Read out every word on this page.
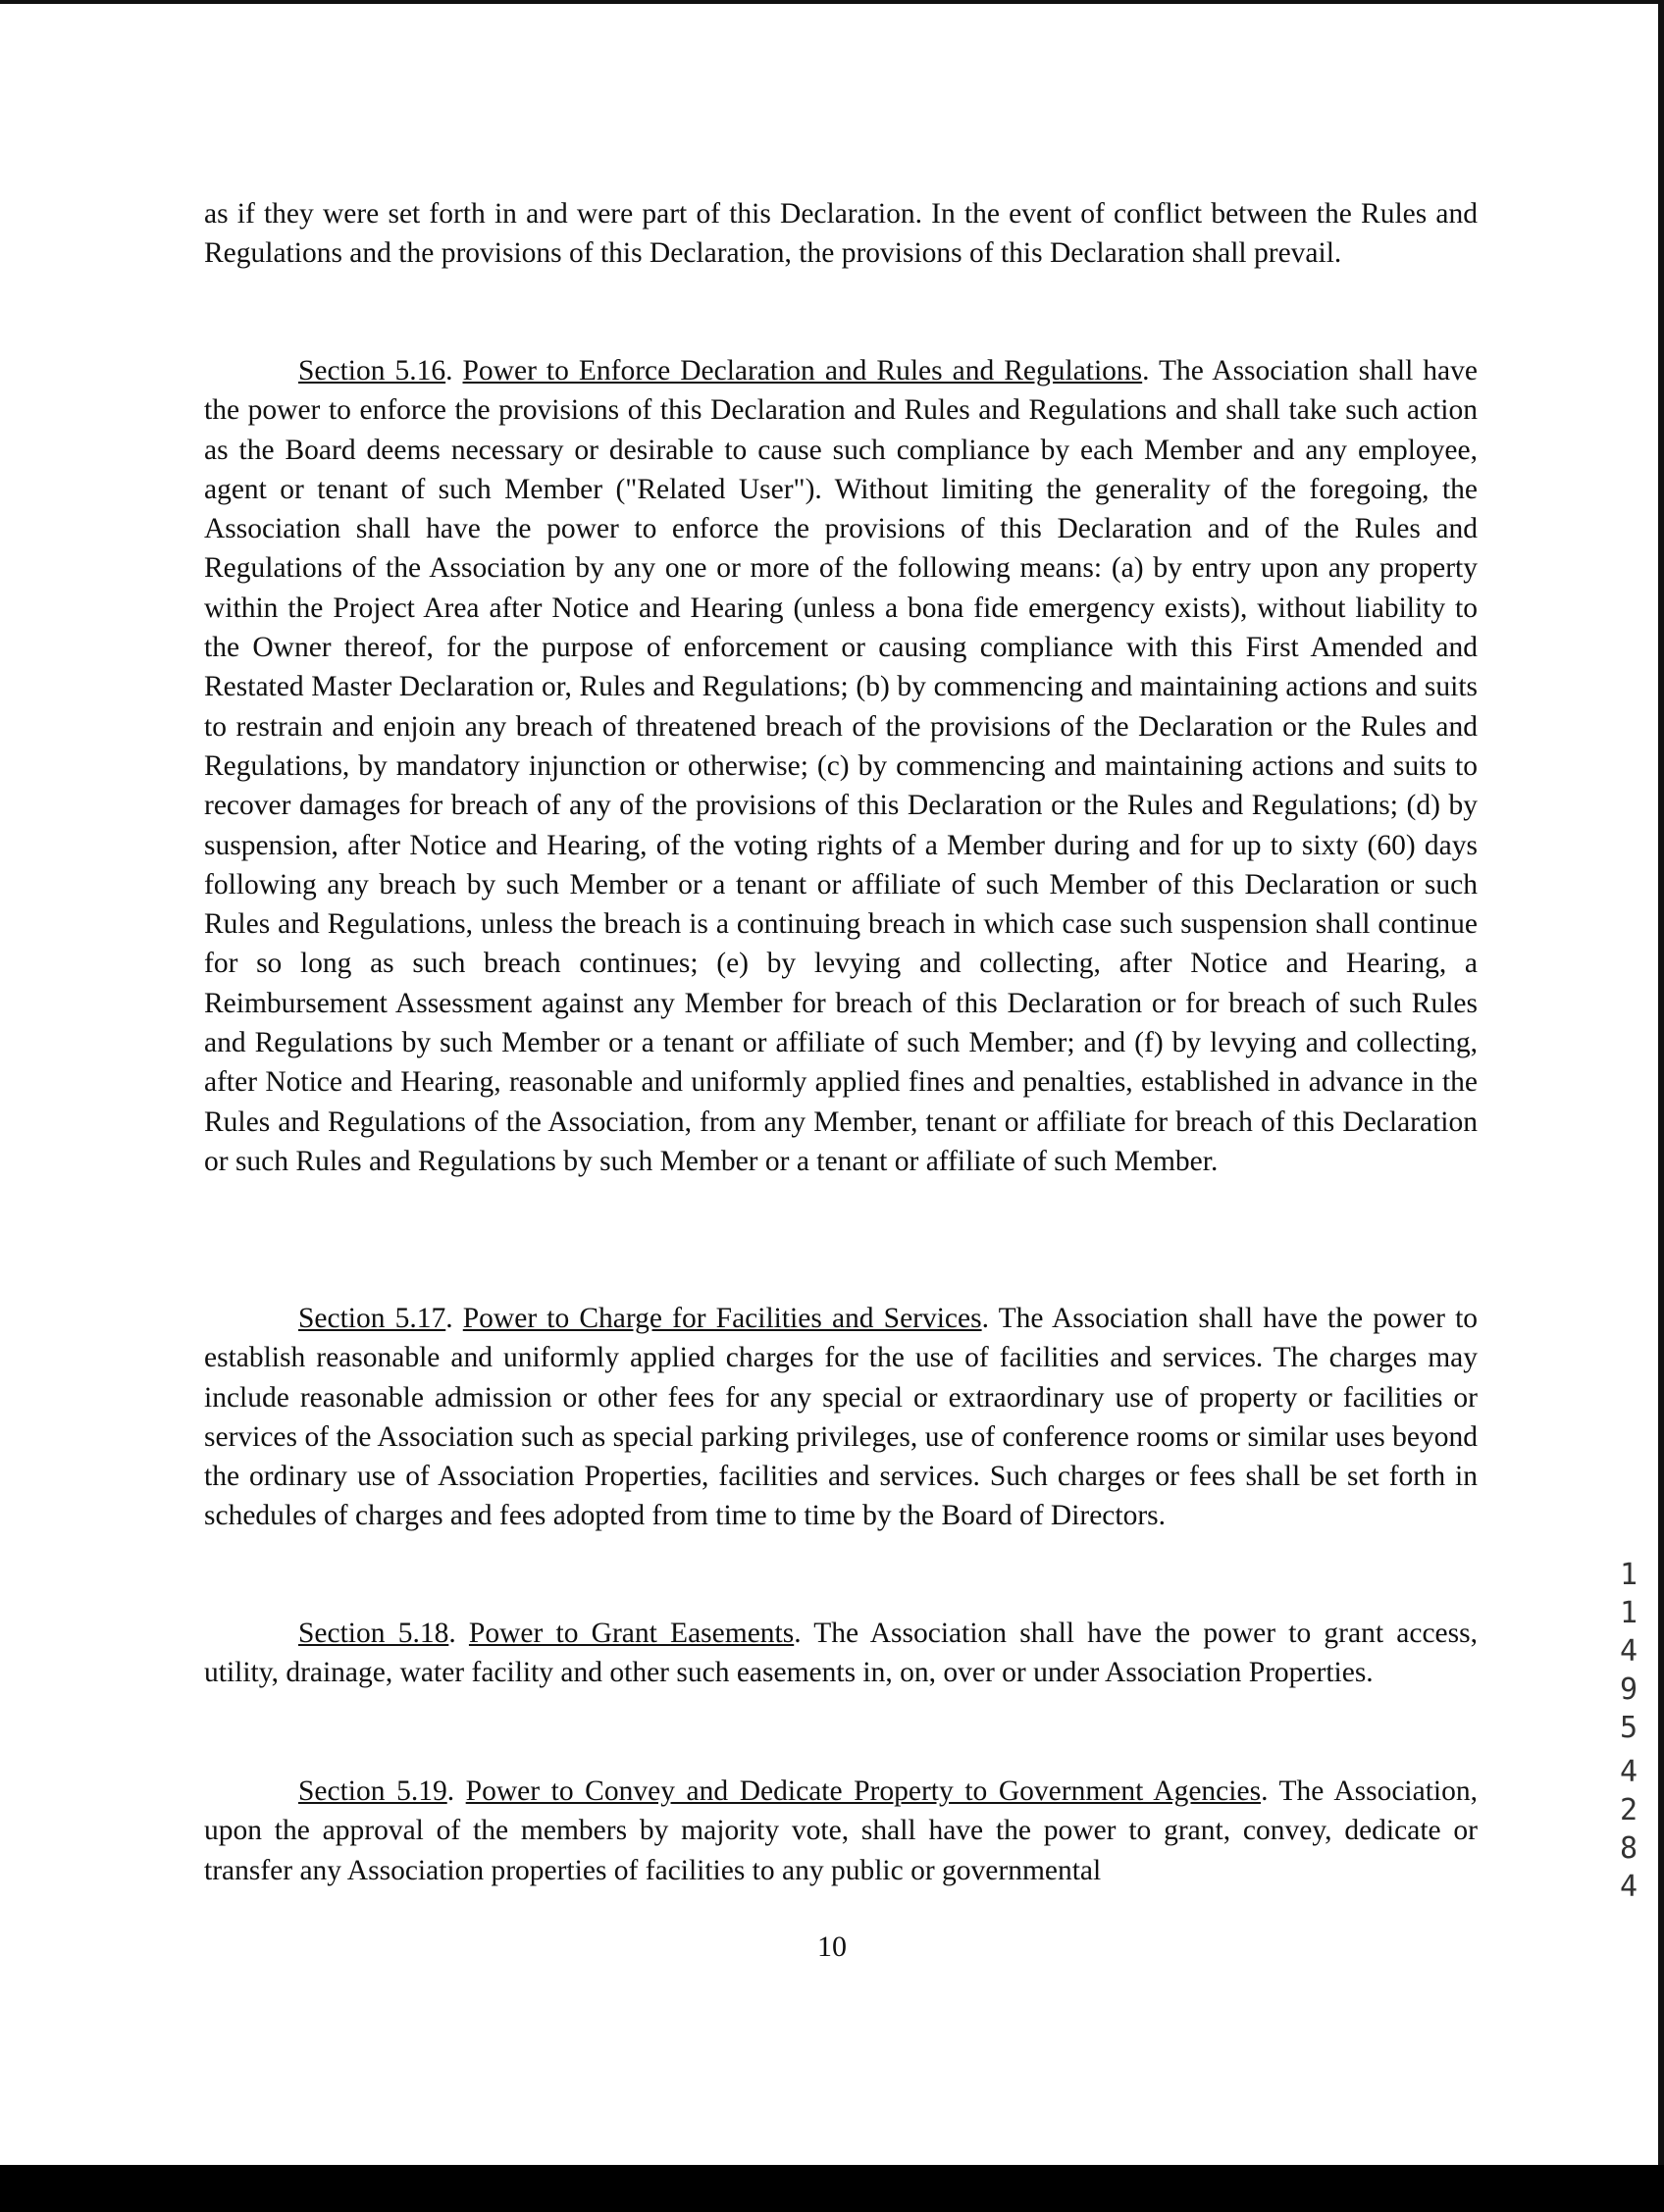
as if they were set forth in and were part of this Declaration. In the event of conflict between the Rules and Regulations and the provisions of this Declaration, the provisions of this Declaration shall prevail.

Section 5.16. Power to Enforce Declaration and Rules and Regulations. The Association shall have the power to enforce the provisions of this Declaration and Rules and Regulations and shall take such action as the Board deems necessary or desirable to cause such compliance by each Member and any employee, agent or tenant of such Member ("Related User"). Without limiting the generality of the foregoing, the Association shall have the power to enforce the provisions of this Declaration and of the Rules and Regulations of the Association by any one or more of the following means: (a) by entry upon any property within the Project Area after Notice and Hearing (unless a bona fide emergency exists), without liability to the Owner thereof, for the purpose of enforcement or causing compliance with this First Amended and Restated Master Declaration or, Rules and Regulations; (b) by commencing and maintaining actions and suits to restrain and enjoin any breach of threatened breach of the provisions of the Declaration or the Rules and Regulations, by mandatory injunction or otherwise; (c) by commencing and maintaining actions and suits to recover damages for breach of any of the provisions of this Declaration or the Rules and Regulations; (d) by suspension, after Notice and Hearing, of the voting rights of a Member during and for up to sixty (60) days following any breach by such Member or a tenant or affiliate of such Member of this Declaration or such Rules and Regulations, unless the breach is a continuing breach in which case such suspension shall continue for so long as such breach continues; (e) by levying and collecting, after Notice and Hearing, a Reimbursement Assessment against any Member for breach of this Declaration or for breach of such Rules and Regulations by such Member or a tenant or affiliate of such Member; and (f) by levying and collecting, after Notice and Hearing, reasonable and uniformly applied fines and penalties, established in advance in the Rules and Regulations of the Association, from any Member, tenant or affiliate for breach of this Declaration or such Rules and Regulations by such Member or a tenant or affiliate of such Member.

Section 5.17. Power to Charge for Facilities and Services. The Association shall have the power to establish reasonable and uniformly applied charges for the use of facilities and services. The charges may include reasonable admission or other fees for any special or extraordinary use of property or facilities or services of the Association such as special parking privileges, use of conference rooms or similar uses beyond the ordinary use of Association Properties, facilities and services. Such charges or fees shall be set forth in schedules of charges and fees adopted from time to time by the Board of Directors.

Section 5.18. Power to Grant Easements. The Association shall have the power to grant access, utility, drainage, water facility and other such easements in, on, over or under Association Properties.

Section 5.19. Power to Convey and Dedicate Property to Government Agencies. The Association, upon the approval of the members by majority vote, shall have the power to grant, convey, dedicate or transfer any Association properties of facilities to any public or governmental

10
1
1
4
9
5
4
2
8
4
